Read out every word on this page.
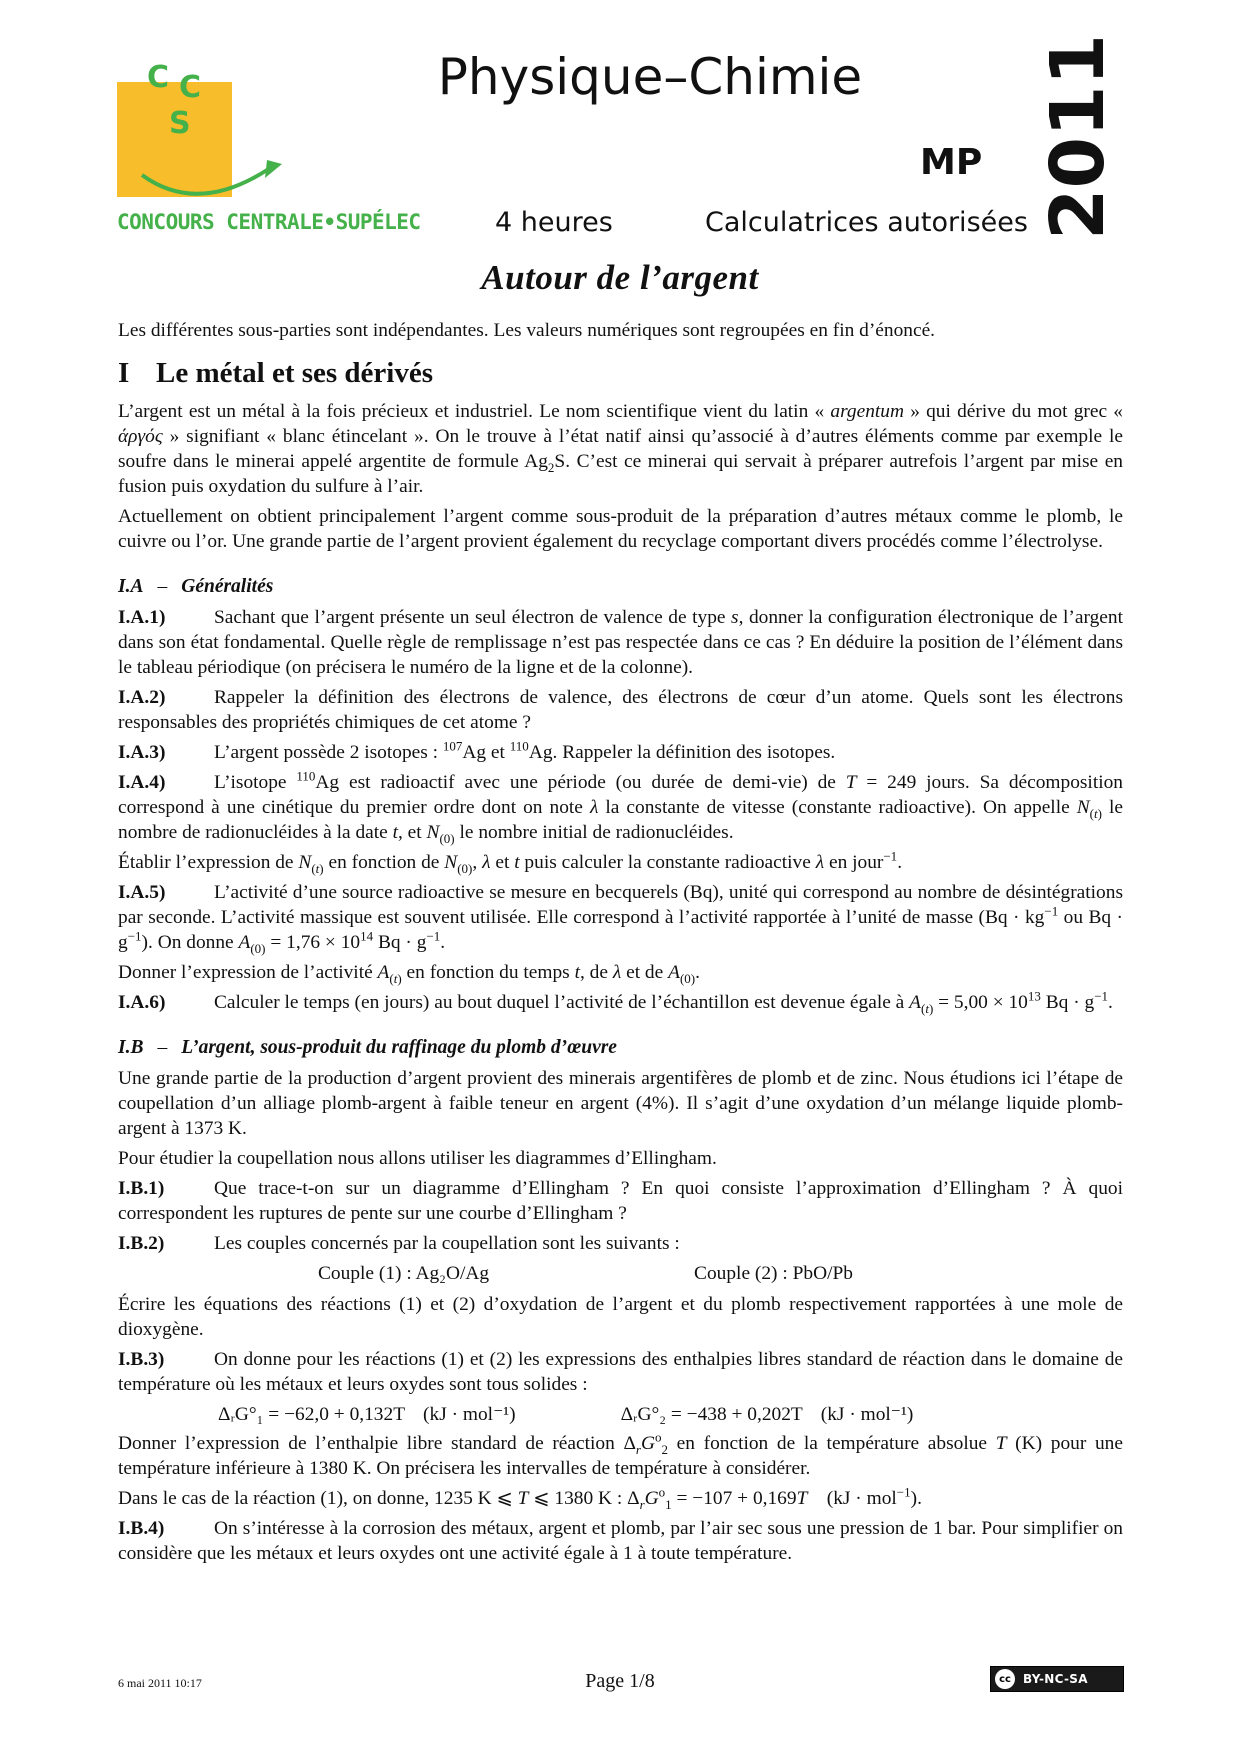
C C
S
CONCOURS CENTRALE•SUPÉLEC
Physique–Chimie
MP
4 heures	Calculatrices autorisées 2011
Autour de l’argent

Les différentes sous-parties sont indépendantes. Les valeurs numériques sont regroupées en fin d’énoncé.

I Le métal et ses dérivés

L’argent est un métal à la fois précieux et industriel. Le nom scientifique vient du latin « argentum » qui dérive du mot grec « άργός » signifiant « blanc étincelant ». On le trouve à l’état natif ainsi qu’associé à d’autres éléments comme par exemple le soufre dans le minerai appelé argentite de formule $Ag_2S$. C’est ce minerai qui servait à préparer autrefois l’argent par mise en fusion puis oxydation du sulfure à l’air.

Actuellement on obtient principalement l’argent comme sous-produit de la préparation d’autres métaux comme le plomb, le cuivre ou l’or. Une grande partie de l’argent provient également du recyclage comportant divers procédés comme l’électrolyse.

I.A – Généralités

I.A.1)	Sachant que l’argent présente un seul électron de valence de type s, donner la configuration électronique de l’argent dans son état fondamental. Quelle règle de remplissage n’est pas respectée dans ce cas ? En déduire la position de l’élément dans le tableau périodique (on précisera le numéro de la ligne et de la colonne).

I.A.2)	Rappeler la définition des électrons de valence, des électrons de cœur d’un atome. Quels sont les électrons responsables des propriétés chimiques de cet atome ?

I.A.3)	L’argent possède 2 isotopes : $^{107}$Ag et $^{110}$Ag. Rappeler la définition des isotopes.

I.A.4)	L’isotope $^{110}$Ag est radioactif avec une période (ou durée de demi-vie) de T = 249 jours. Sa décomposition correspond à une cinétique du premier ordre dont on note λ la constante de vitesse (constante radioactive). On appelle $N_{(t)}$ le nombre de radionucléides à la date t, et $N_{(0)}$ le nombre initial de radionucléides.

Établir l’expression de $N_{(t)}$ en fonction de $N_{(0)}$, λ et t puis calculer la constante radioactive λ en jour$^{-1}$.

I.A.5)	L’activité d’une source radioactive se mesure en becquerels (Bq), unité qui correspond au nombre de désintégrations par seconde. L’activité massique est souvent utilisée. Elle correspond à l’activité rapportée à l’unité de masse ($Bq \cdot kg^{-1}$ ou $Bq \cdot g^{-1}$). On donne $A_{(0)} = 1,76 \times 10^{14}$ $Bq \cdot g^{-1}$.

Donner l’expression de l’activité $A_{(t)}$ en fonction du temps t, de λ et de $A_{(0)}$.

I.A.6)	Calculer le temps (en jours) au bout duquel l’activité de l’échantillon est devenue égale à $A_{(t)} = 5,00 \times 10^{13}$ $Bq \cdot g^{-1}$.

I.B – L’argent, sous-produit du raffinage du plomb d’œuvre

Une grande partie de la production d’argent provient des minerais argentifères de plomb et de zinc. Nous étudions ici l’étape de coupellation d’un alliage plomb-argent à faible teneur en argent (4%). Il s’agit d’une oxydation d’un mélange liquide plomb-argent à 1373 K.

Pour étudier la coupellation nous allons utiliser les diagrammes d’Ellingham.

I.B.1)	Que trace-t-on sur un diagramme d’Ellingham ? En quoi consiste l’approximation d’Ellingham ? À quoi correspondent les ruptures de pente sur une courbe d’Ellingham ?

I.B.2)	Les couples concernés par la coupellation sont les suivants :

Couple (1) : Ag₂O/Ag	Couple (2) : PbO/Pb

Écrire les équations des réactions (1) et (2) d’oxydation de l’argent et du plomb respectivement rapportées à une mole de dioxygène.

I.B.3)	On donne pour les réactions (1) et (2) les expressions des enthalpies libres standard de réaction dans le domaine de température où les métaux et leurs oxydes sont tous solides :

ΔᵣG°₁ = −62,0 + 0,132T (kJ · mol⁻¹)	ΔᵣG°₂ = −438 + 0,202T (kJ · mol⁻¹)

Donner l’expression de l’enthalpie libre standard de réaction $\Delta_rG^o_2$ en fonction de la température absolue T (K) pour une température inférieure à 1380 K. On précisera les intervalles de température à considérer.

Dans le cas de la réaction (1), on donne, 1235 K ⩽ T ⩽ 1380 K : $\Delta_rG^o_1 = -107 + 0,169T$    (kJ · mol$^{-1}$).

I.B.4)	On s’intéresse à la corrosion des métaux, argent et plomb, par l’air sec sous une pression de 1 bar. Pour simplifier on considère que les métaux et leurs oxydes ont une activité égale à 1 à toute température.

6 mai 2011 10:17	Page 1/8	cc	BY-NC-SA
